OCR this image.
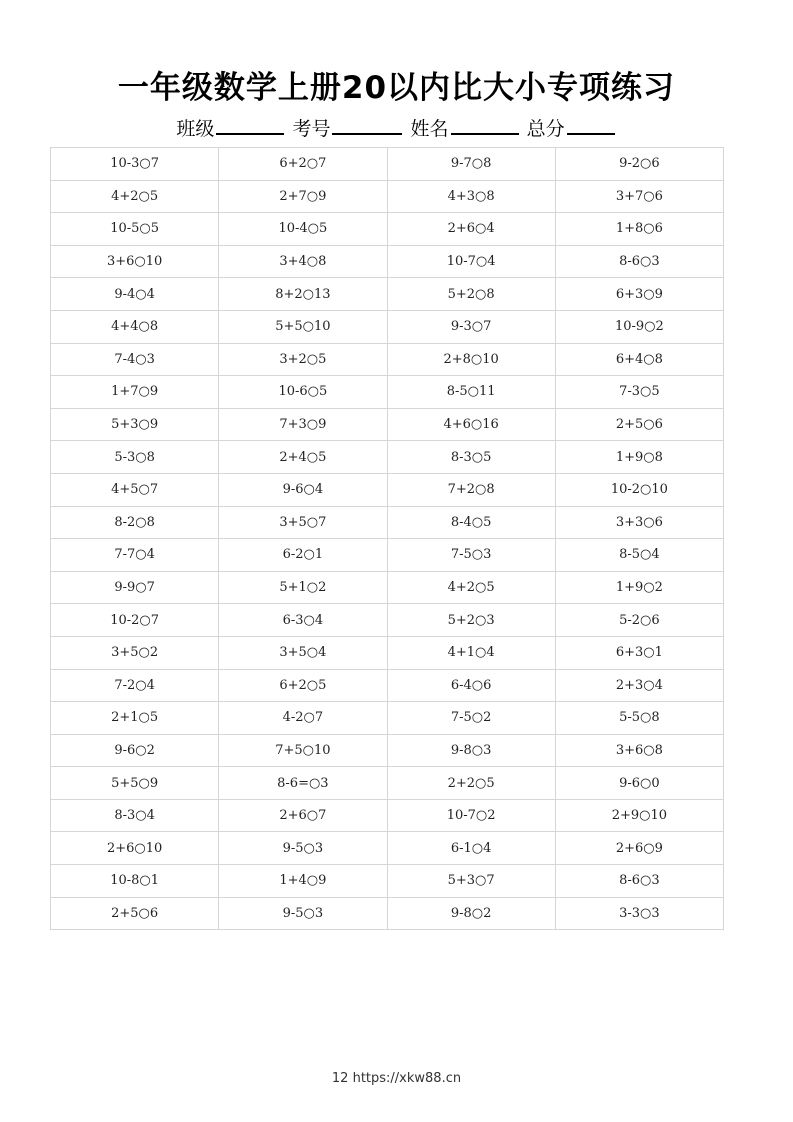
一年级数学上册20以内比大小专项练习
班级	考号	姓名	总分
10-3○7	6+2○7	9-7○8	9-2○6
4+2○5	2+7○9	4+3○8	3+7○6
10-5○5	10-4○5	2+6○4	1+8○6
3+6○10	3+4○8	10-7○4	8-6○3
9-4○4	8+2○13	5+2○8	6+3○9
4+4○8	5+5○10	9-3○7	10-9○2
7-4○3	3+2○5	2+8○10	6+4○8
1+7○9	10-6○5	8-5○11	7-3○5
5+3○9	7+3○9	4+6○16	2+5○6
5-3○8	2+4○5	8-3○5	1+9○8
4+5○7	9-6○4	7+2○8	10-2○10
8-2○8	3+5○7	8-4○5	3+3○6
7-7○4	6-2○1	7-5○3	8-5○4
9-9○7	5+1○2	4+2○5	1+9○2
10-2○7	6-3○4	5+2○3	5-2○6
3+5○2	3+5○4	4+1○4	6+3○1
7-2○4	6+2○5	6-4○6	2+3○4
2+1○5	4-2○7	7-5○2	5-5○8
9-6○2	7+5○10	9-8○3	3+6○8
5+5○9	8-6=○3	2+2○5	9-6○0
8-3○4	2+6○7	10-7○2	2+9○10
2+6○10	9-5○3	6-1○4	2+6○9
10-8○1	1+4○9	5+3○7	8-6○3
2+5○6	9-5○3	9-8○2	3-3○3
12 https://xkw88.cn
